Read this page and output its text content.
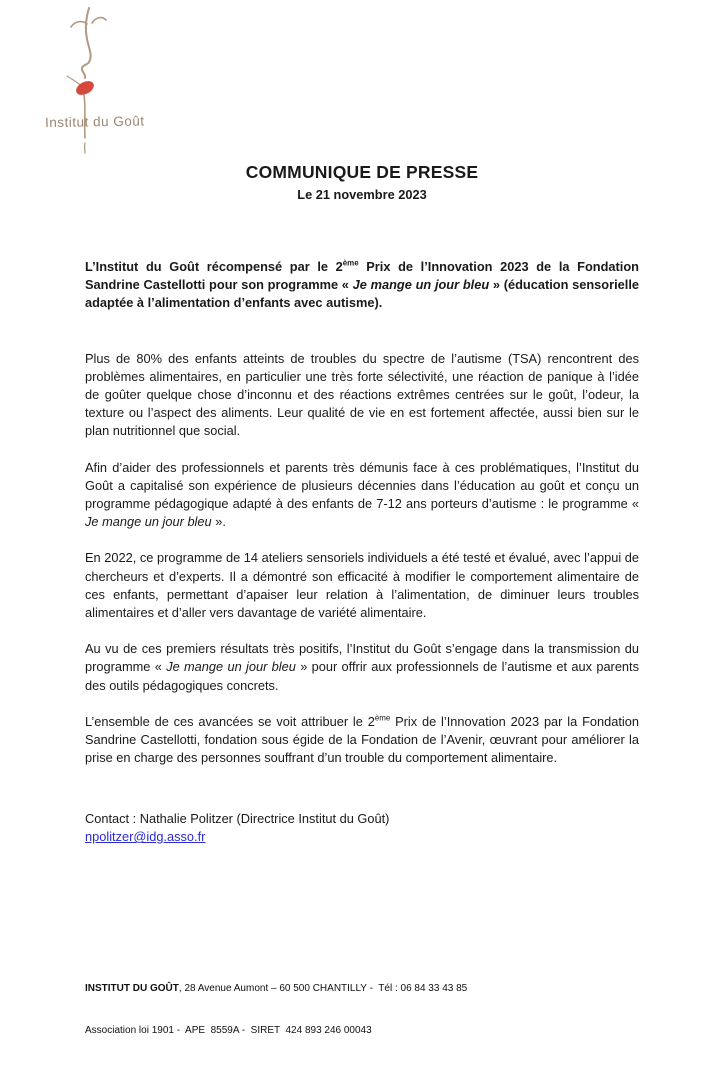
Institut du Goût
COMMUNIQUE DE PRESSE
Le 21 novembre 2023

L’Institut du Goût récompensé par le 2ème Prix de l’Innovation 2023 de la Fondation Sandrine Castellotti pour son programme « Je mange un jour bleu » (éducation sensorielle adaptée à l’alimentation d’enfants avec autisme).

Plus de 80% des enfants atteints de troubles du spectre de l’autisme (TSA) rencontrent des problèmes alimentaires, en particulier une très forte sélectivité, une réaction de panique à l’idée de goûter quelque chose d’inconnu et des réactions extrêmes centrées sur le goût, l’odeur, la texture ou l’aspect des aliments. Leur qualité de vie en est fortement affectée, aussi bien sur le plan nutritionnel que social.

Afin d’aider des professionnels et parents très démunis face à ces problématiques, l’Institut du Goût a capitalisé son expérience de plusieurs décennies dans l’éducation au goût et conçu un programme pédagogique adapté à des enfants de 7-12 ans porteurs d’autisme : le programme « Je mange un jour bleu ».

En 2022, ce programme de 14 ateliers sensoriels individuels a été testé et évalué, avec l’appui de chercheurs et d’experts. Il a démontré son efficacité à modifier le comportement alimentaire de ces enfants, permettant d’apaiser leur relation à l’alimentation, de diminuer leurs troubles alimentaires et d’aller vers davantage de variété alimentaire.

Au vu de ces premiers résultats très positifs, l’Institut du Goût s’engage dans la transmission du programme « Je mange un jour bleu » pour offrir aux professionnels de l’autisme et aux parents des outils pédagogiques concrets.

L’ensemble de ces avancées se voit attribuer le 2ème Prix de l’Innovation 2023 par la Fondation Sandrine Castellotti, fondation sous égide de la Fondation de l’Avenir, œuvrant pour améliorer la prise en charge des personnes souffrant d’un trouble du comportement alimentaire.

Contact : Nathalie Politzer (Directrice Institut du Goût)
npolitzer@idg.asso.fr

INSTITUT DU GOÛT, 28 Avenue Aumont – 60 500 CHANTILLY -  Tél : 06 84 33 43 85

Association loi 1901 -  APE  8559A -  SIRET  424 893 246 00043
